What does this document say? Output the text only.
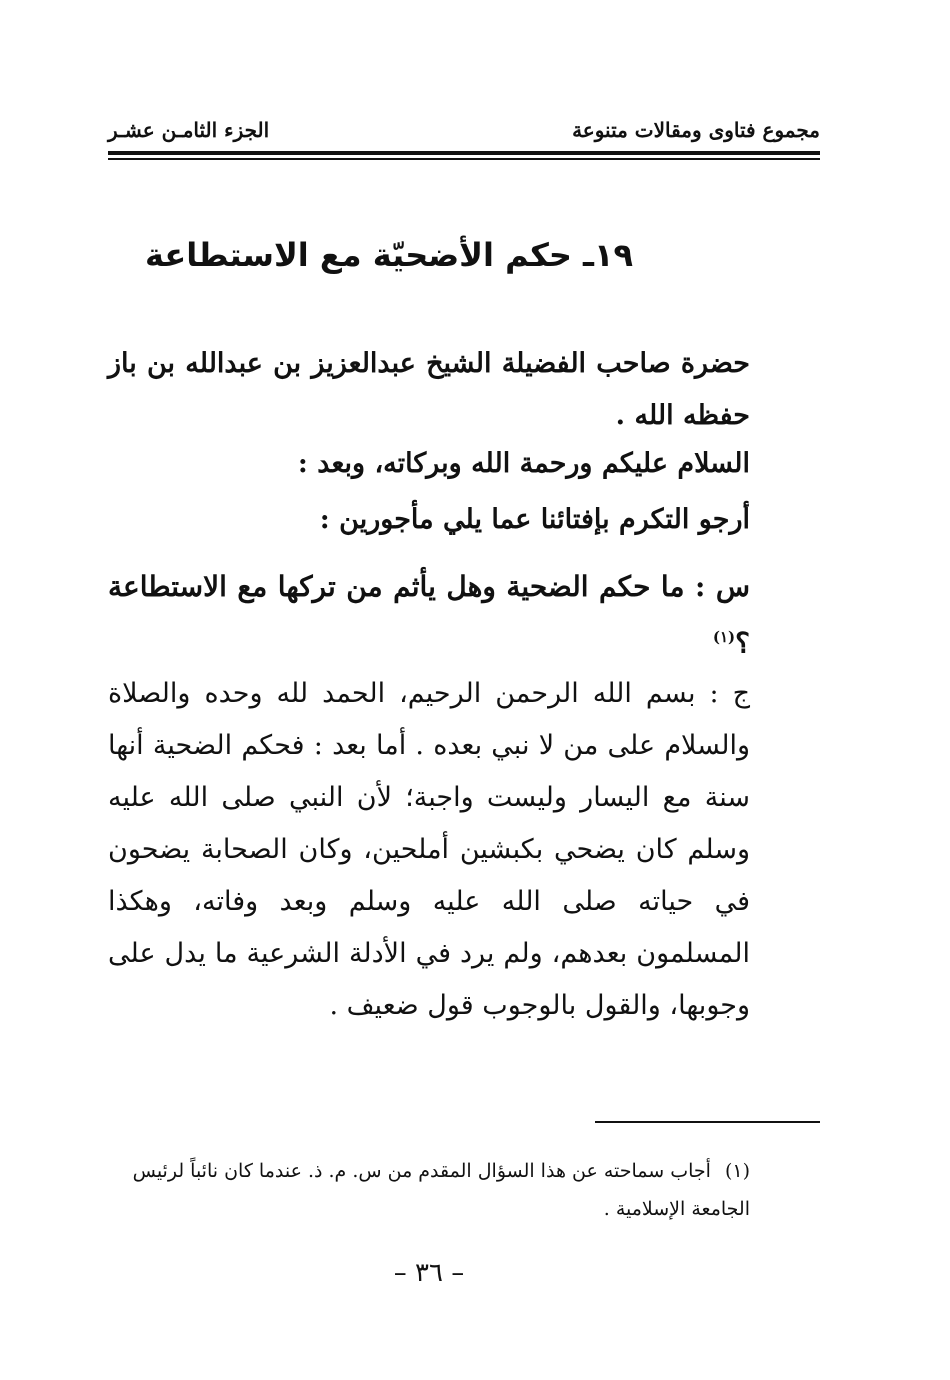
مجموع فتاوى ومقالات متنوعة
الجزء الثامـن عشـر
١٩ـ حكم الأضحيّة مع الاستطاعة
حضرة صاحب الفضيلة الشيخ عبدالعزيز بن عبدالله بن باز حفظه الله .
السلام عليكم ورحمة الله وبركاته، وبعد :
أرجو التكرم بإفتائنا عما يلي مأجورين :
س : ما حكم الضحية وهل يأثم من تركها مع الاستطاعة ؟$^{(١)}$
ج : بسم الله الرحمن الرحيم، الحمد لله وحده والصلاة والسلام على من لا نبي بعده . أما بعد : فحكم الضحية أنها سنة مع اليسار وليست واجبة؛ لأن النبي صلى الله عليه وسلم كان يضحي بكبشين أملحين، وكان الصحابة يضحون في حياته صلى الله عليه وسلم وبعد وفاته، وهكذا المسلمون بعدهم، ولم يرد في الأدلة الشرعية ما يدل على وجوبها، والقول بالوجوب قول ضعيف .
(١)أجاب سماحته عن هذا السؤال المقدم من س. م. ذ. عندما كان نائباً لرئيس الجامعة الإسلامية .
– ٣٦ –
